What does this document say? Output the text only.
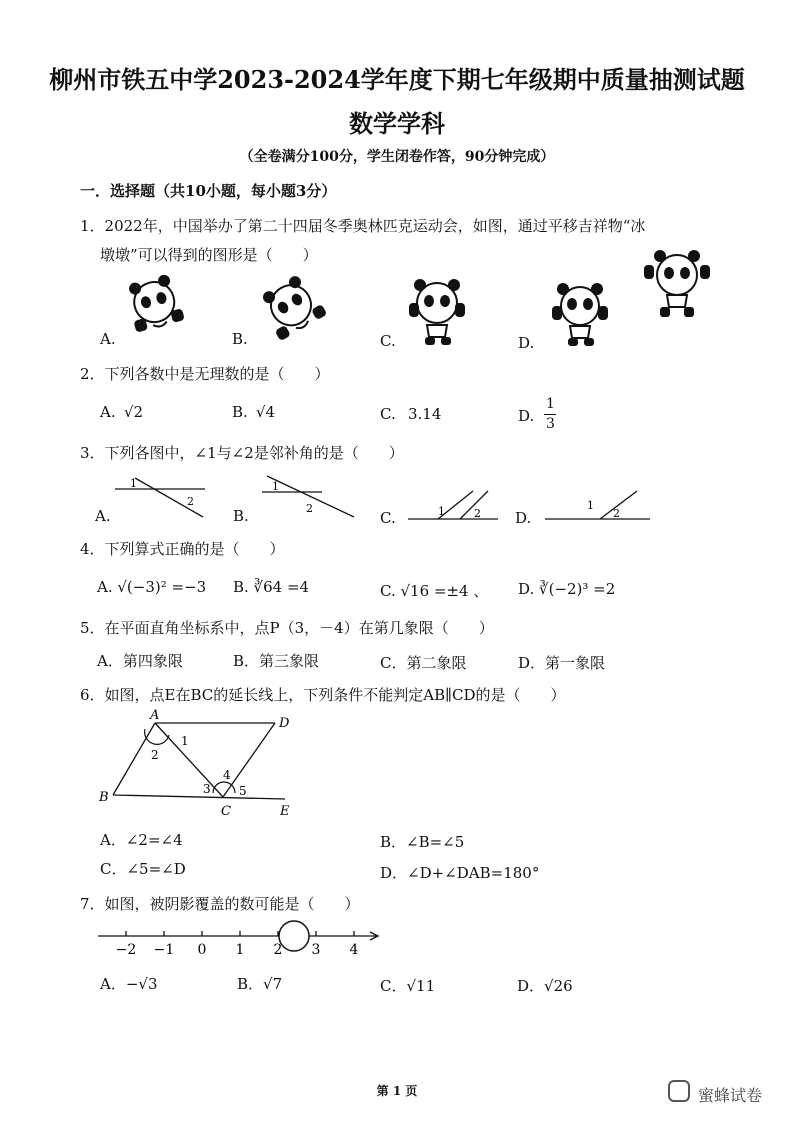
柳州市铁五中学2023-2024学年度下期七年级期中质量抽测试题
数学学科
（全卷满分100分，学生闭卷作答，90分钟完成）
一．选择题（共10小题，每小题3分）
1．2022年，中国举办了第二十四届冬季奥林匹克运动会，如图，通过平移吉祥物“冰
墩墩”可以得到的图形是（　　）
A.	B.	C.	D.
2．下列各数中是无理数的是（　　）
A. √2	B. √4	C. 3.14	D.
1
3
3．下列各图中，∠1与∠2是邻补角的是（　　）
1
2
1
2	1	2
1
2
A.	B.	C.	D.
4．下列算式正确的是（　　）
A. √(−3)² =−3 B. ∛64 =4	C. √16 =±4 、 D. ∛(−2)³ =2
5．在平面直角坐标系中，点P（3，－4）在第几象限（　　）
A．第四象限	B．第三象限	C．第二象限	D．第一象限
6．如图，点E在BC的延长线上，下列条件不能判定AB∥CD的是（　　）
A
D
B
C	E
1
2
3
4
5
A．∠2=∠4	B．∠B=∠5
C．∠5=∠D	D．∠D+∠DAB=180°
7．如图，被阴影覆盖的数可能是（　　）
−2 −1 0 1 2 3 4
A．−√3	B．√7	C．√11	D．√26
第 1 页	蜜蜂试卷
